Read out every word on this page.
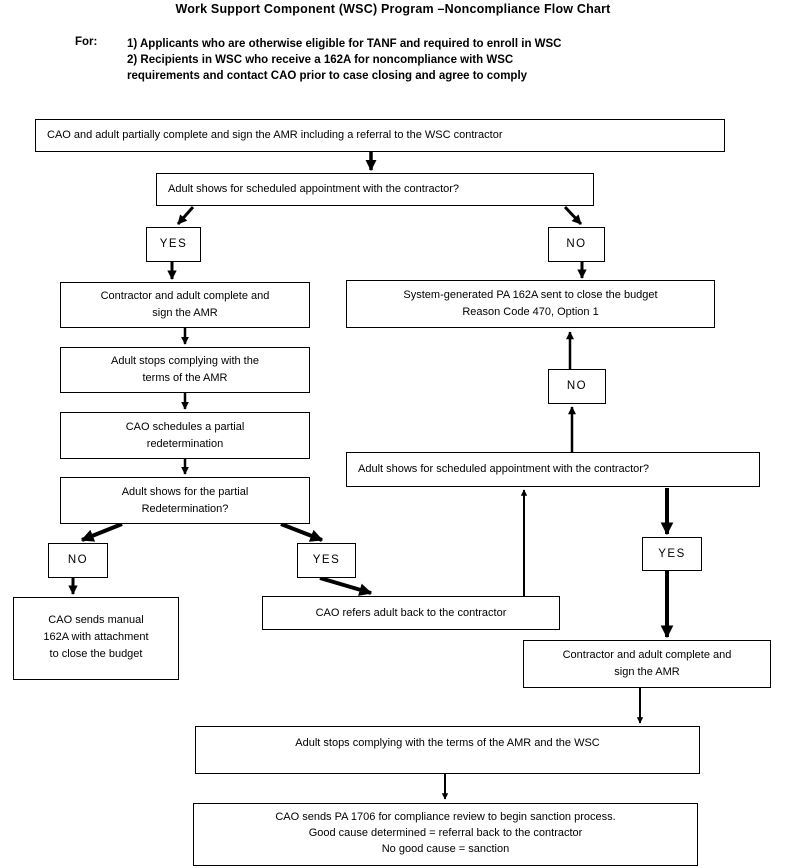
Work Support Component (WSC) Program –Noncompliance Flow Chart
For:	1) Applicants who are otherwise eligible for TANF and required to enroll in WSC
2) Recipients in WSC who receive a 162A for noncompliance with WSC
requirements and contact CAO prior to case closing and agree to comply
CAO and adult partially complete and sign the AMR including a referral to the WSC contractor
Adult shows for scheduled appointment with the contractor?
YES	NO
Contractor and adult complete and
sign the AMR
Adult stops complying with the
terms of the AMR
CAO schedules a partial
redetermination
Adult shows for the partial
Redetermination?
NO	YES
CAO sends manual
162A with attachment
to close the budget
CAO refers adult back to the contractor
System-generated PA 162A sent to close the budget
Reason Code 470, Option 1
NO
Adult shows for scheduled appointment with the contractor?
YES
Contractor and adult complete and
sign the AMR
Adult stops complying with the terms of the AMR and the WSC
CAO sends PA 1706 for compliance review to begin sanction process.
Good cause determined = referral back to the contractor
No good cause = sanction
